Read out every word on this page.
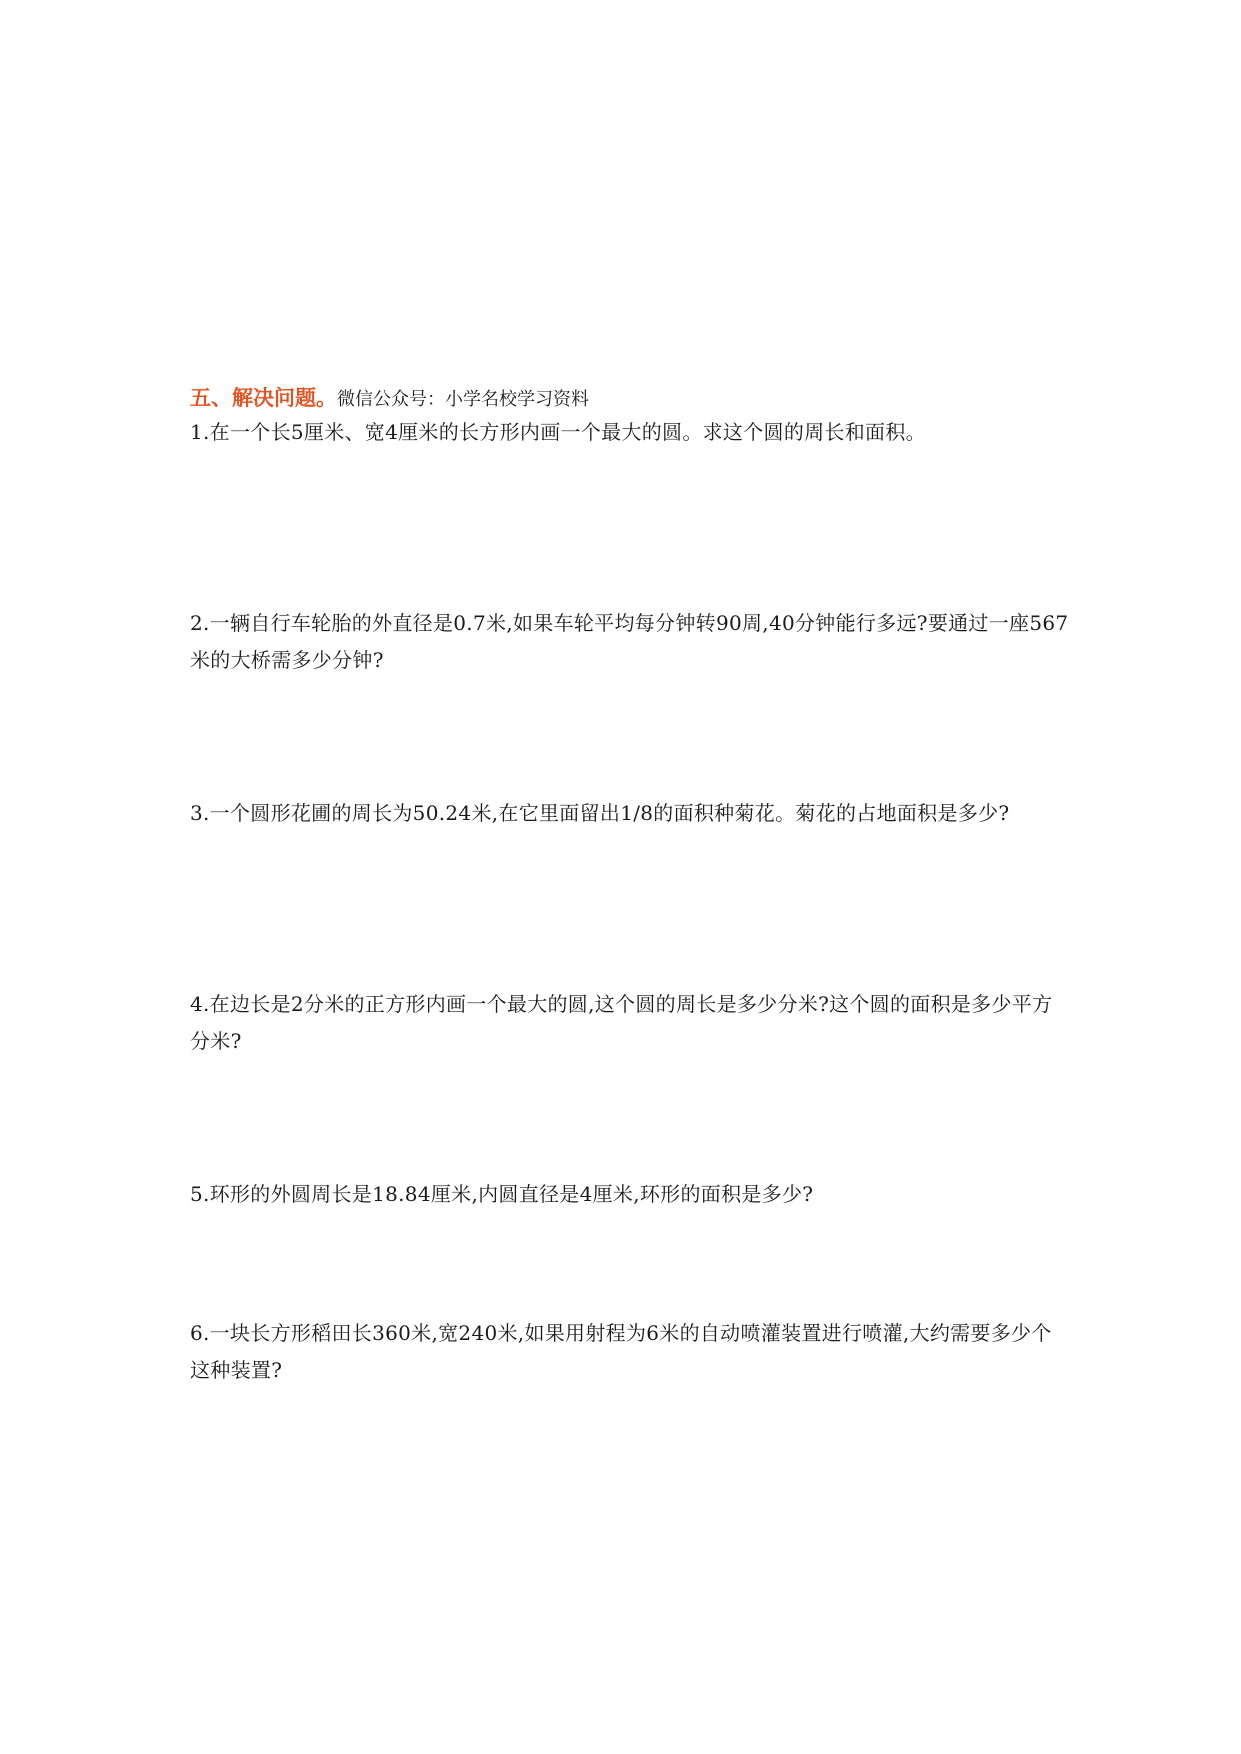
五、解决问题。微信公众号：小学名校学习资料
1.在一个长5厘米、宽4厘米的长方形内画一个最大的圆。求这个圆的周长和面积。
2.一辆自行车轮胎的外直径是0.7米,如果车轮平均每分钟转90周,40分钟能行多远?要通过一座567米的大桥需多少分钟?
3.一个圆形花圃的周长为50.24米,在它里面留出1/8的面积种菊花。菊花的占地面积是多少?
4.在边长是2分米的正方形内画一个最大的圆,这个圆的周长是多少分米?这个圆的面积是多少平方分米?
5.环形的外圆周长是18.84厘米,内圆直径是4厘米,环形的面积是多少?
6.一块长方形稻田长360米,宽240米,如果用射程为6米的自动喷灌装置进行喷灌,大约需要多少个这种装置?
